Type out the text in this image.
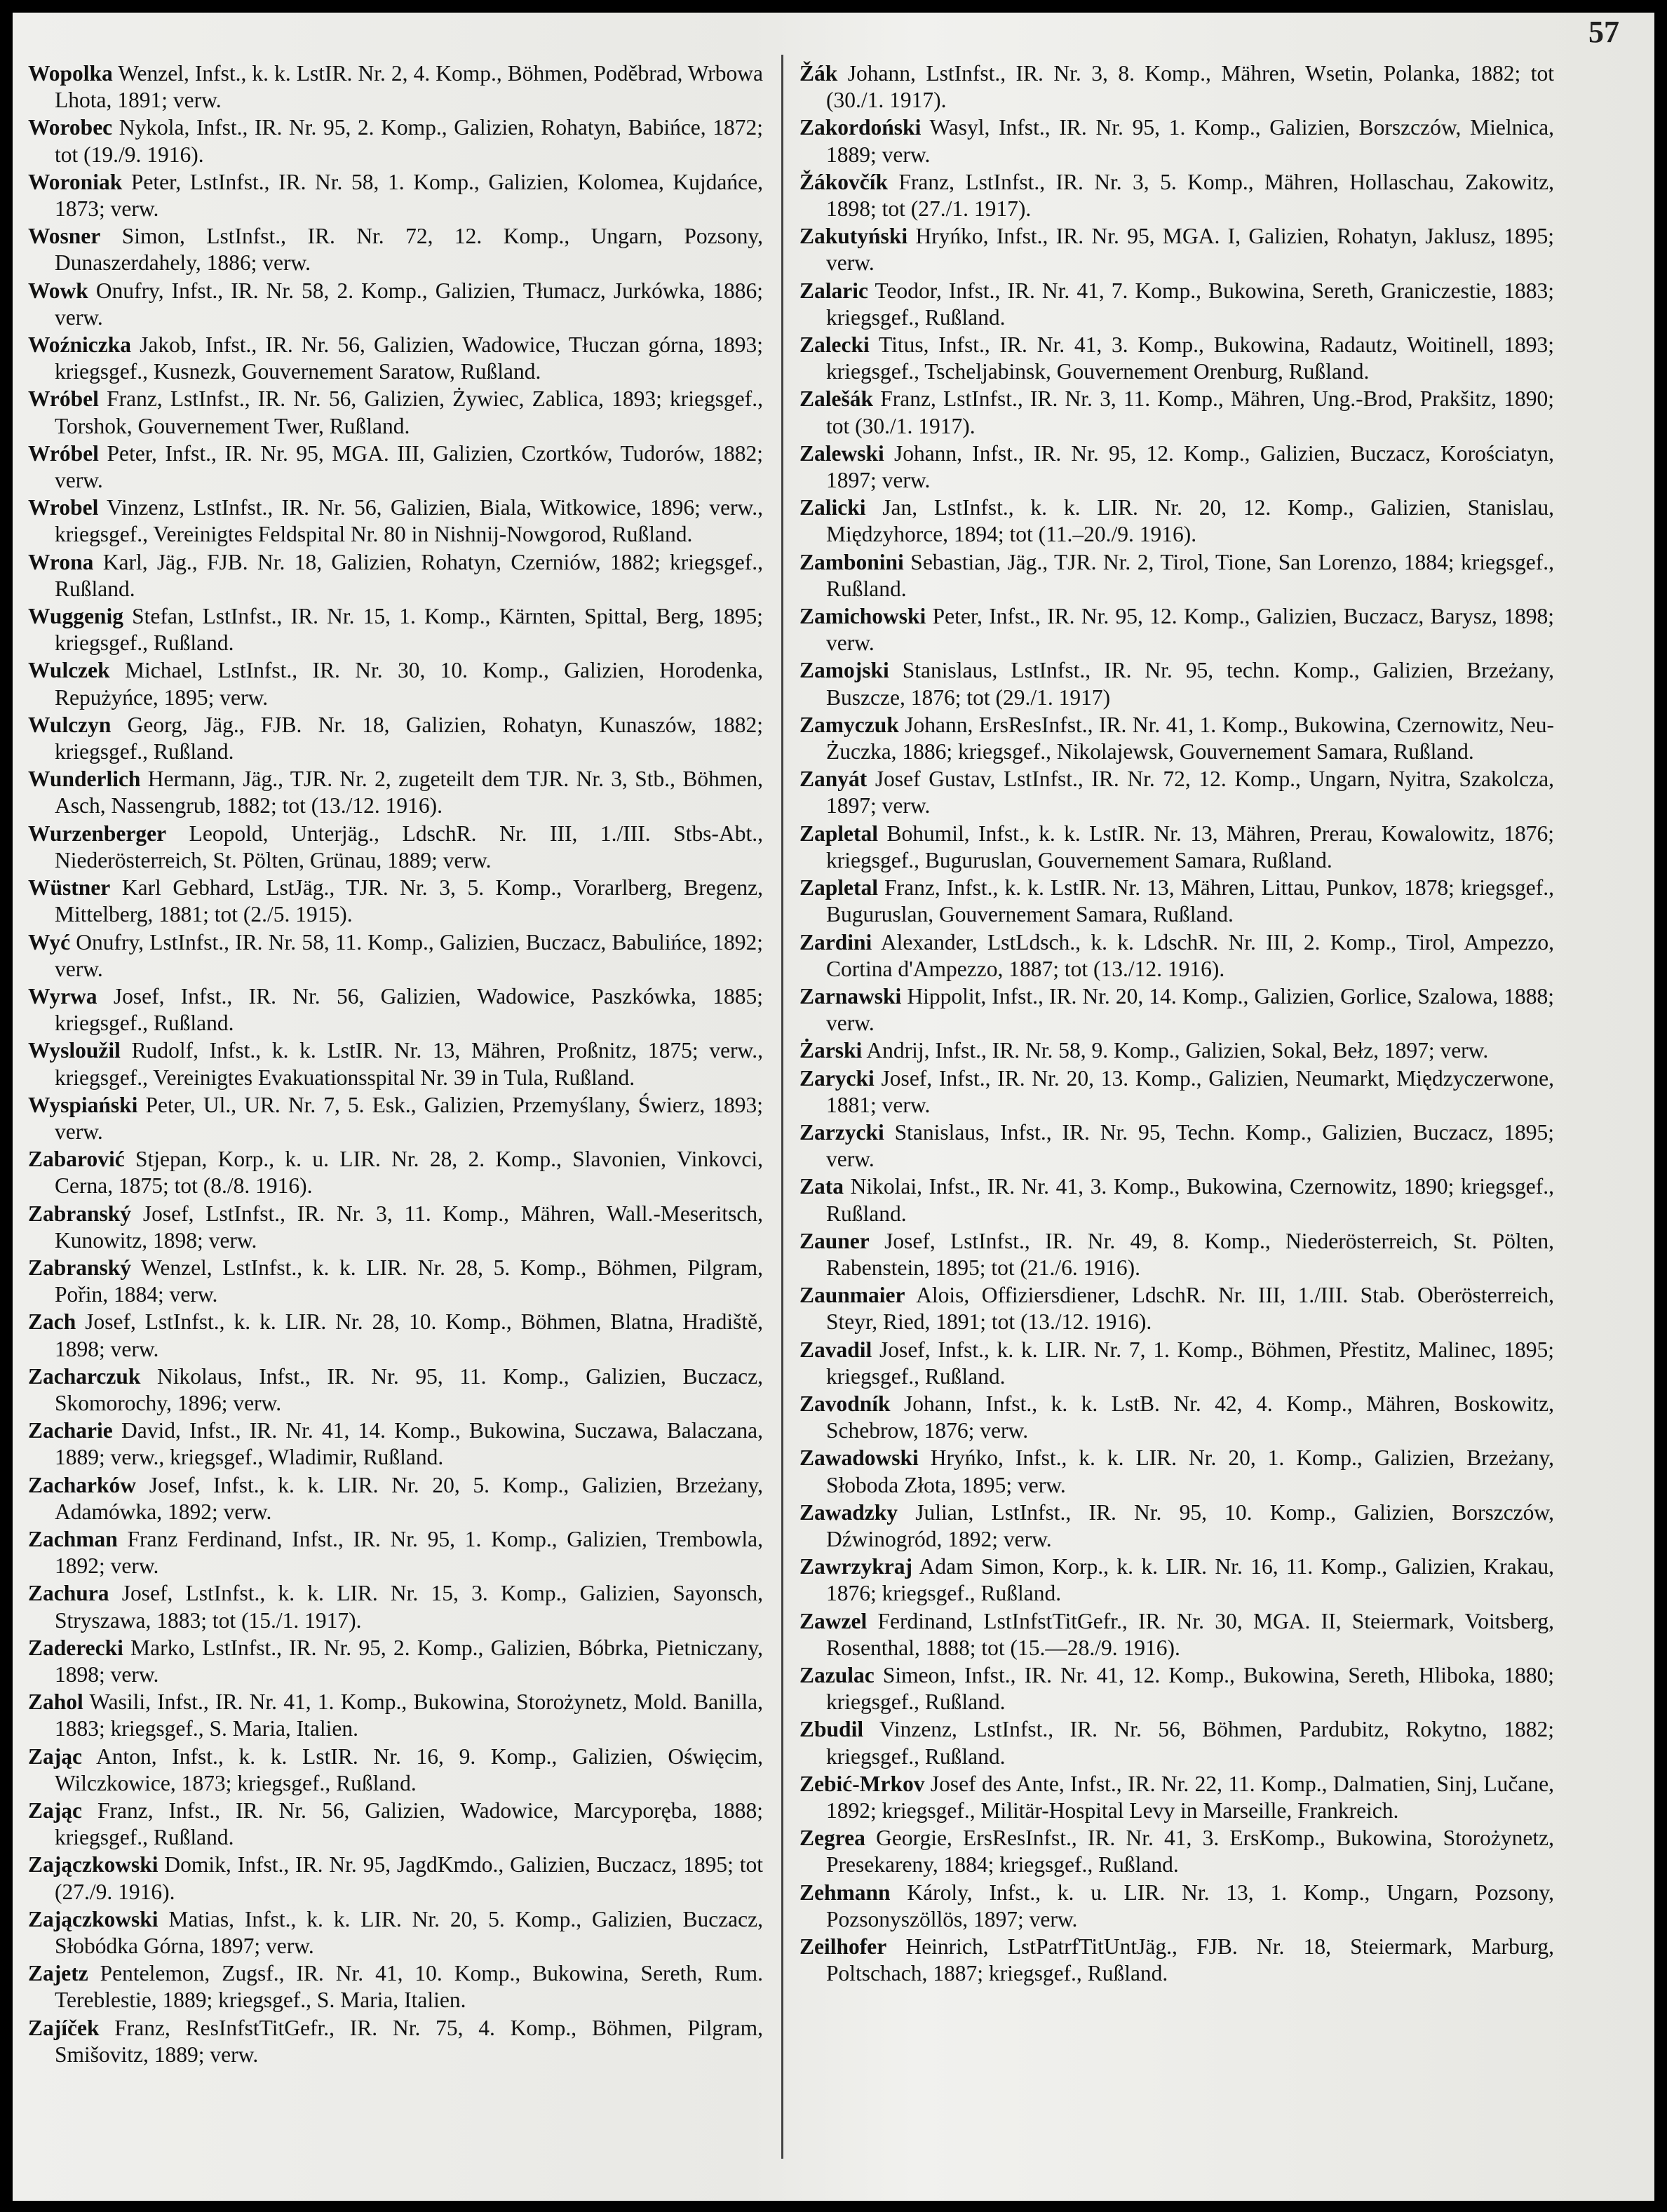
57

Wopolka Wenzel, Infst., k. k. LstIR. Nr. 2, 4. Komp., Böhmen, Poděbrad, Wrbowa Lhota, 1891; verw.

Worobec Nykola, Infst., IR. Nr. 95, 2. Komp., Galizien, Rohatyn, Babińce, 1872; tot (19./9. 1916).

Woroniak Peter, LstInfst., IR. Nr. 58, 1. Komp., Galizien, Kolomea, Kujdańce, 1873; verw.

Wosner Simon, LstInfst., IR. Nr. 72, 12. Komp., Ungarn, Pozsony, Dunaszerdahely, 1886; verw.

Wowk Onufry, Infst., IR. Nr. 58, 2. Komp., Galizien, Tłumacz, Jurkówka, 1886; verw.

Woźniczka Jakob, Infst., IR. Nr. 56, Galizien, Wadowice, Tłuczan górna, 1893; kriegsgef., Kusnezk, Gouvernement Saratow, Rußland.

Wróbel Franz, LstInfst., IR. Nr. 56, Galizien, Żywiec, Zablica, 1893; kriegsgef., Torshok, Gouvernement Twer, Rußland.

Wróbel Peter, Infst., IR. Nr. 95, MGA. III, Galizien, Czortków, Tudorów, 1882; verw.

Wrobel Vinzenz, LstInfst., IR. Nr. 56, Galizien, Biala, Witkowice, 1896; verw., kriegsgef., Vereinigtes Feldspital Nr. 80 in Nishnij-Nowgorod, Rußland.

Wrona Karl, Jäg., FJB. Nr. 18, Galizien, Rohatyn, Czerniów, 1882; kriegsgef., Rußland.

Wuggenig Stefan, LstInfst., IR. Nr. 15, 1. Komp., Kärnten, Spittal, Berg, 1895; kriegsgef., Rußland.

Wulczek Michael, LstInfst., IR. Nr. 30, 10. Komp., Galizien, Horodenka, Repużyńce, 1895; verw.

Wulczyn Georg, Jäg., FJB. Nr. 18, Galizien, Rohatyn, Kunaszów, 1882; kriegsgef., Rußland.

Wunderlich Hermann, Jäg., TJR. Nr. 2, zugeteilt dem TJR. Nr. 3, Stb., Böhmen, Asch, Nassengrub, 1882; tot (13./12. 1916).

Wurzenberger Leopold, Unterjäg., LdschR. Nr. III, 1./III. Stbs-Abt., Niederösterreich, St. Pölten, Grünau, 1889; verw.

Wüstner Karl Gebhard, LstJäg., TJR. Nr. 3, 5. Komp., Vorarlberg, Bregenz, Mittelberg, 1881; tot (2./5. 1915).

Wyć Onufry, LstInfst., IR. Nr. 58, 11. Komp., Galizien, Buczacz, Babulińce, 1892; verw.

Wyrwa Josef, Infst., IR. Nr. 56, Galizien, Wadowice, Paszkówka, 1885; kriegsgef., Rußland.

Wysloužil Rudolf, Infst., k. k. LstIR. Nr. 13, Mähren, Proßnitz, 1875; verw., kriegsgef., Vereinigtes Evakuationsspital Nr. 39 in Tula, Rußland.

Wyspiański Peter, Ul., UR. Nr. 7, 5. Esk., Galizien, Przemyślany, Świerz, 1893; verw.

Zabarović Stjepan, Korp., k. u. LIR. Nr. 28, 2. Komp., Slavonien, Vinkovci, Cerna, 1875; tot (8./8. 1916).

Zabranský Josef, LstInfst., IR. Nr. 3, 11. Komp., Mähren, Wall.-Meseritsch, Kunowitz, 1898; verw.

Zabranský Wenzel, LstInfst., k. k. LIR. Nr. 28, 5. Komp., Böhmen, Pilgram, Pořin, 1884; verw.

Zach Josef, LstInfst., k. k. LIR. Nr. 28, 10. Komp., Böhmen, Blatna, Hradiště, 1898; verw.

Zacharczuk Nikolaus, Infst., IR. Nr. 95, 11. Komp., Galizien, Buczacz, Skomorochy, 1896; verw.

Zacharie David, Infst., IR. Nr. 41, 14. Komp., Bukowina, Suczawa, Balaczana, 1889; verw., kriegsgef., Wladimir, Rußland.

Zacharków Josef, Infst., k. k. LIR. Nr. 20, 5. Komp., Galizien, Brzeżany, Adamówka, 1892; verw.

Zachman Franz Ferdinand, Infst., IR. Nr. 95, 1. Komp., Galizien, Trembowla, 1892; verw.

Zachura Josef, LstInfst., k. k. LIR. Nr. 15, 3. Komp., Galizien, Sayonsch, Stryszawa, 1883; tot (15./1. 1917).

Zaderecki Marko, LstInfst., IR. Nr. 95, 2. Komp., Galizien, Bóbrka, Pietniczany, 1898; verw.

Zahol Wasili, Infst., IR. Nr. 41, 1. Komp., Bukowina, Storożynetz, Mold. Banilla, 1883; kriegsgef., S. Maria, Italien.

Zając Anton, Infst., k. k. LstIR. Nr. 16, 9. Komp., Galizien, Oświęcim, Wilczkowice, 1873; kriegsgef., Rußland.

Zając Franz, Infst., IR. Nr. 56, Galizien, Wadowice, Marcyporęba, 1888; kriegsgef., Rußland.

Zajączkowski Domik, Infst., IR. Nr. 95, JagdKmdo., Galizien, Buczacz, 1895; tot (27./9. 1916).

Zajączkowski Matias, Infst., k. k. LIR. Nr. 20, 5. Komp., Galizien, Buczacz, Słobódka Górna, 1897; verw.

Zajetz Pentelemon, Zugsf., IR. Nr. 41, 10. Komp., Bukowina, Sereth, Rum. Tereblestie, 1889; kriegsgef., S. Maria, Italien.

Zajíček Franz, ResInfstTitGefr., IR. Nr. 75, 4. Komp., Böhmen, Pilgram, Smišovitz, 1889; verw.

Žák Johann, LstInfst., IR. Nr. 3, 8. Komp., Mähren, Wsetin, Polanka, 1882; tot (30./1. 1917).

Zakordoński Wasyl, Infst., IR. Nr. 95, 1. Komp., Galizien, Borszczów, Mielnica, 1889; verw.

Žákovčík Franz, LstInfst., IR. Nr. 3, 5. Komp., Mähren, Hollaschau, Zakowitz, 1898; tot (27./1. 1917).

Zakutyński Hryńko, Infst., IR. Nr. 95, MGA. I, Galizien, Rohatyn, Jaklusz, 1895; verw.

Zalaric Teodor, Infst., IR. Nr. 41, 7. Komp., Bukowina, Sereth, Graniczestie, 1883; kriegsgef., Rußland.

Zalecki Titus, Infst., IR. Nr. 41, 3. Komp., Bukowina, Radautz, Woitinell, 1893; kriegsgef., Tscheljabinsk, Gouvernement Orenburg, Rußland.

Zalešák Franz, LstInfst., IR. Nr. 3, 11. Komp., Mähren, Ung.-Brod, Prakšitz, 1890; tot (30./1. 1917).

Zalewski Johann, Infst., IR. Nr. 95, 12. Komp., Galizien, Buczacz, Korościatyn, 1897; verw.

Zalicki Jan, LstInfst., k. k. LIR. Nr. 20, 12. Komp., Galizien, Stanislau, Międzyhorce, 1894; tot (11.–20./9. 1916).

Zambonini Sebastian, Jäg., TJR. Nr. 2, Tirol, Tione, San Lorenzo, 1884; kriegsgef., Rußland.

Zamichowski Peter, Infst., IR. Nr. 95, 12. Komp., Galizien, Buczacz, Barysz, 1898; verw.

Zamojski Stanislaus, LstInfst., IR. Nr. 95, techn. Komp., Galizien, Brzeżany, Buszcze, 1876; tot (29./1. 1917)

Zamyczuk Johann, ErsResInfst., IR. Nr. 41, 1. Komp., Bukowina, Czernowitz, Neu-Żuczka, 1886; kriegsgef., Nikolajewsk, Gouvernement Samara, Rußland.

Zanyát Josef Gustav, LstInfst., IR. Nr. 72, 12. Komp., Ungarn, Nyitra, Szakolcza, 1897; verw.

Zapletal Bohumil, Infst., k. k. LstIR. Nr. 13, Mähren, Prerau, Kowalowitz, 1876; kriegsgef., Buguruslan, Gouvernement Samara, Rußland.

Zapletal Franz, Infst., k. k. LstIR. Nr. 13, Mähren, Littau, Punkov, 1878; kriegsgef., Buguruslan, Gouvernement Samara, Rußland.

Zardini Alexander, LstLdsch., k. k. LdschR. Nr. III, 2. Komp., Tirol, Ampezzo, Cortina d'Ampezzo, 1887; tot (13./12. 1916).

Zarnawski Hippolit, Infst., IR. Nr. 20, 14. Komp., Galizien, Gorlice, Szalowa, 1888; verw.

Żarski Andrij, Infst., IR. Nr. 58, 9. Komp., Galizien, Sokal, Bełz, 1897; verw.

Zarycki Josef, Infst., IR. Nr. 20, 13. Komp., Galizien, Neumarkt, Międzyczerwone, 1881; verw.

Zarzycki Stanislaus, Infst., IR. Nr. 95, Techn. Komp., Galizien, Buczacz, 1895; verw.

Zata Nikolai, Infst., IR. Nr. 41, 3. Komp., Bukowina, Czernowitz, 1890; kriegsgef., Rußland.

Zauner Josef, LstInfst., IR. Nr. 49, 8. Komp., Niederösterreich, St. Pölten, Rabenstein, 1895; tot (21./6. 1916).

Zaunmaier Alois, Offiziersdiener, LdschR. Nr. III, 1./III. Stab. Oberösterreich, Steyr, Ried, 1891; tot (13./12. 1916).

Zavadil Josef, Infst., k. k. LIR. Nr. 7, 1. Komp., Böhmen, Přestitz, Malinec, 1895; kriegsgef., Rußland.

Zavodník Johann, Infst., k. k. LstB. Nr. 42, 4. Komp., Mähren, Boskowitz, Schebrow, 1876; verw.

Zawadowski Hryńko, Infst., k. k. LIR. Nr. 20, 1. Komp., Galizien, Brzeżany, Słoboda Złota, 1895; verw.

Zawadzky Julian, LstInfst., IR. Nr. 95, 10. Komp., Galizien, Borszczów, Dźwinogród, 1892; verw.

Zawrzykraj Adam Simon, Korp., k. k. LIR. Nr. 16, 11. Komp., Galizien, Krakau, 1876; kriegsgef., Rußland.

Zawzel Ferdinand, LstInfstTitGefr., IR. Nr. 30, MGA. II, Steiermark, Voitsberg, Rosenthal, 1888; tot (15.—28./9. 1916).

Zazulac Simeon, Infst., IR. Nr. 41, 12. Komp., Bukowina, Sereth, Hliboka, 1880; kriegsgef., Rußland.

Zbudil Vinzenz, LstInfst., IR. Nr. 56, Böhmen, Pardubitz, Rokytno, 1882; kriegsgef., Rußland.

Zebić-Mrkov Josef des Ante, Infst., IR. Nr. 22, 11. Komp., Dalmatien, Sinj, Lučane, 1892; kriegsgef., Militär-Hospital Levy in Marseille, Frankreich.

Zegrea Georgie, ErsResInfst., IR. Nr. 41, 3. ErsKomp., Bukowina, Storożynetz, Presekareny, 1884; kriegsgef., Rußland.

Zehmann Károly, Infst., k. u. LIR. Nr. 13, 1. Komp., Ungarn, Pozsony, Pozsonyszöllös, 1897; verw.

Zeilhofer Heinrich, LstPatrfTitUntJäg., FJB. Nr. 18, Steiermark, Marburg, Poltschach, 1887; kriegsgef., Rußland.
